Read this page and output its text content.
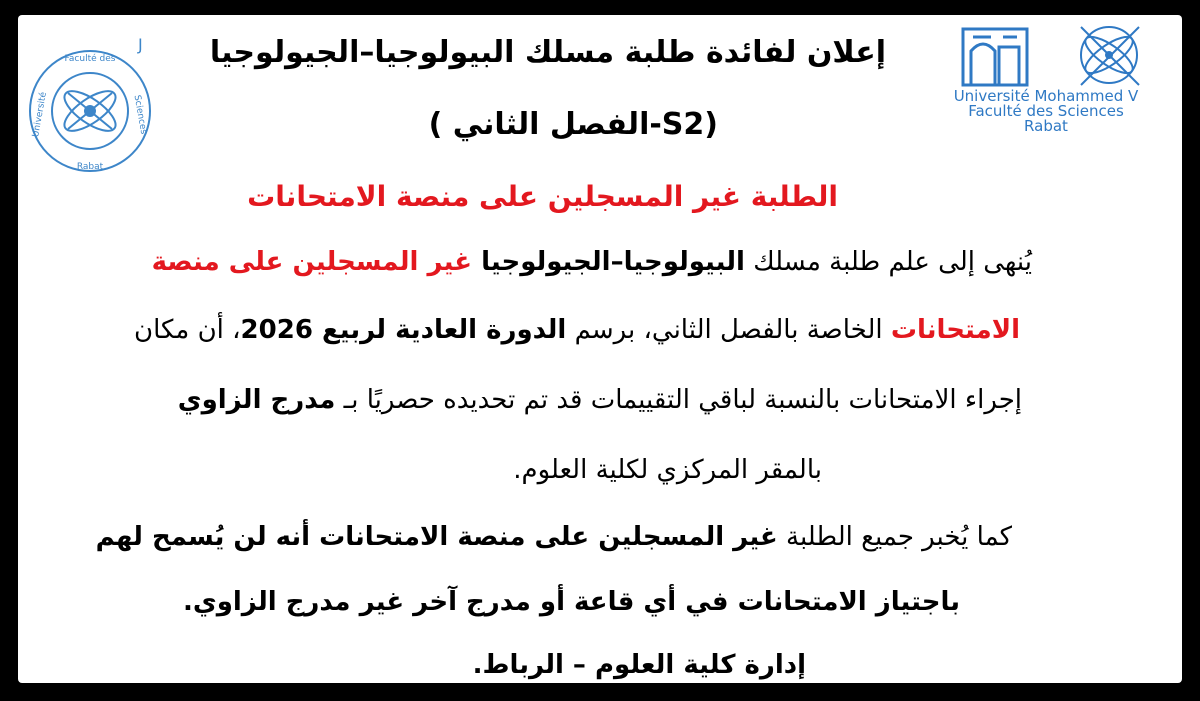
Faculté des
Université	Sciences
Rabat
J
Université Mohammed V
Faculté des Sciences
Rabat
إعلان لفائدة طلبة مسلك البيولوجيا–الجيولوجيا
(S2-الفصل الثاني )
الطلبة غير المسجلين على منصة الامتحانات
يُنهى إلى علم طلبة مسلك البيولوجيا–الجيولوجيا غير المسجلين على منصة
الامتحانات الخاصة بالفصل الثاني، برسم الدورة العادية لربيع 2026، أن مكان
إجراء الامتحانات بالنسبة لباقي التقييمات قد تم تحديده حصريًا بـ مدرج الزاوي
بالمقر المركزي لكلية العلوم.
كما يُخبر جميع الطلبة غير المسجلين على منصة الامتحانات أنه لن يُسمح لهم
باجتياز الامتحانات في أي قاعة أو مدرج آخر غير مدرج الزاوي.
إدارة كلية العلوم – الرباط.
